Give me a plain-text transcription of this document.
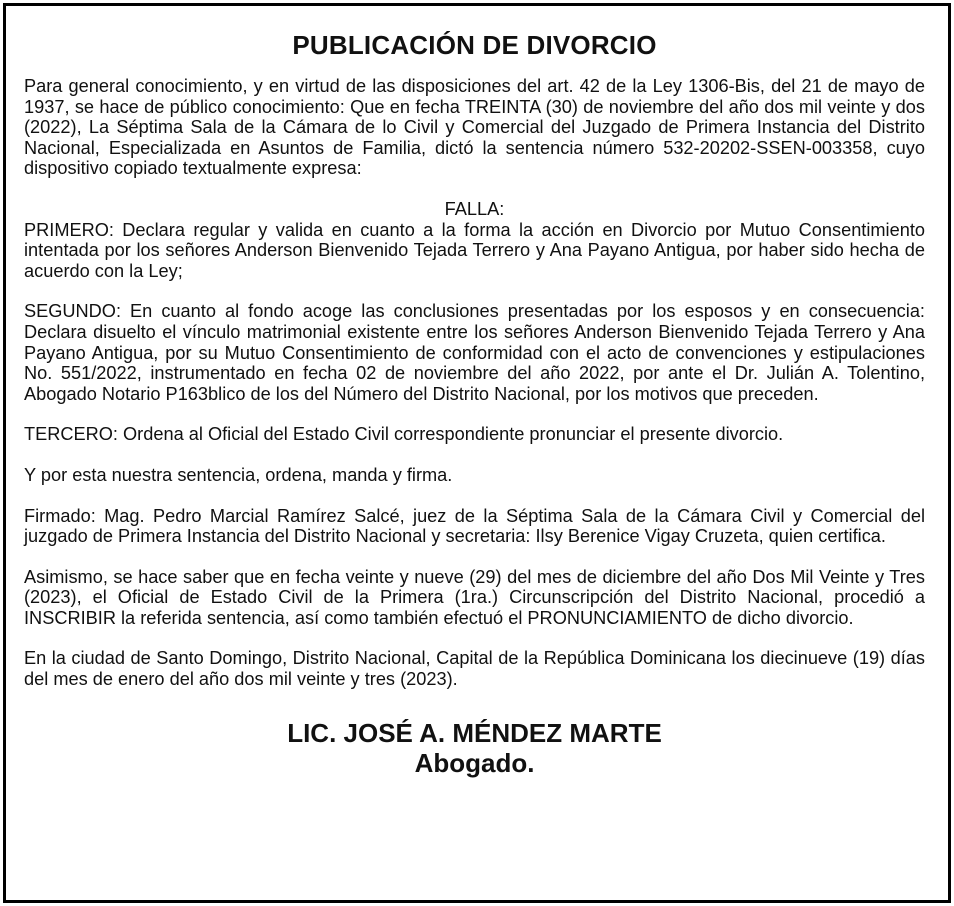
PUBLICACIÓN DE DIVORCIO

Para general conocimiento, y en virtud de las disposiciones del art. 42 de la Ley 1306-Bis, del 21 de mayo de 1937, se hace de público conocimiento: Que en fecha TREINTA (30) de noviembre del año dos mil veinte y dos (2022), La Séptima Sala de la Cámara de lo Civil y Comercial del Juzgado de Primera Instancia del Distrito Nacional, Especializada en Asuntos de Familia, dictó la sentencia número 532-20202-SSEN-003358, cuyo dispositivo copiado textualmente expresa:

FALLA:

PRIMERO: Declara regular y valida en cuanto a la forma la acción en Divorcio por Mutuo Consentimiento intentada por los señores Anderson Bienvenido Tejada Terrero y Ana Payano Antigua, por haber sido hecha de acuerdo con la Ley;

SEGUNDO: En cuanto al fondo acoge las conclusiones presentadas por los esposos y en consecuencia: Declara disuelto el vínculo matrimonial existente entre los señores Anderson Bienvenido Tejada Terrero y Ana Payano Antigua, por su Mutuo Consentimiento de conformidad con el acto de convenciones y estipulaciones No. 551/2022, instrumentado en fecha 02 de noviembre del año 2022, por ante el Dr. Julián A. Tolentino, Abogado Notario P163blico de los del Número del Distrito Nacional, por los motivos que preceden.

TERCERO: Ordena al Oficial del Estado Civil correspondiente pronunciar el presente divorcio.

Y por esta nuestra sentencia, ordena, manda y firma.

Firmado: Mag. Pedro Marcial Ramírez Salcé, juez de la Séptima Sala de la Cámara Civil y Comercial del juzgado de Primera Instancia del Distrito Nacional y secretaria: Ilsy Berenice Vigay Cruzeta, quien certifica.

Asimismo, se hace saber que en fecha veinte y nueve (29) del mes de diciembre del año Dos Mil Veinte y Tres (2023), el Oficial de Estado Civil de la Primera (1ra.) Circunscripción del Distrito Nacional, procedió a INSCRIBIR la referida sentencia, así como también efectuó el PRONUNCIAMIENTO de dicho divorcio.

En la ciudad de Santo Domingo, Distrito Nacional, Capital de la República Dominicana los diecinueve (19) días del mes de enero del año dos mil veinte y tres (2023).

LIC. JOSÉ A. MÉNDEZ MARTE

Abogado.
